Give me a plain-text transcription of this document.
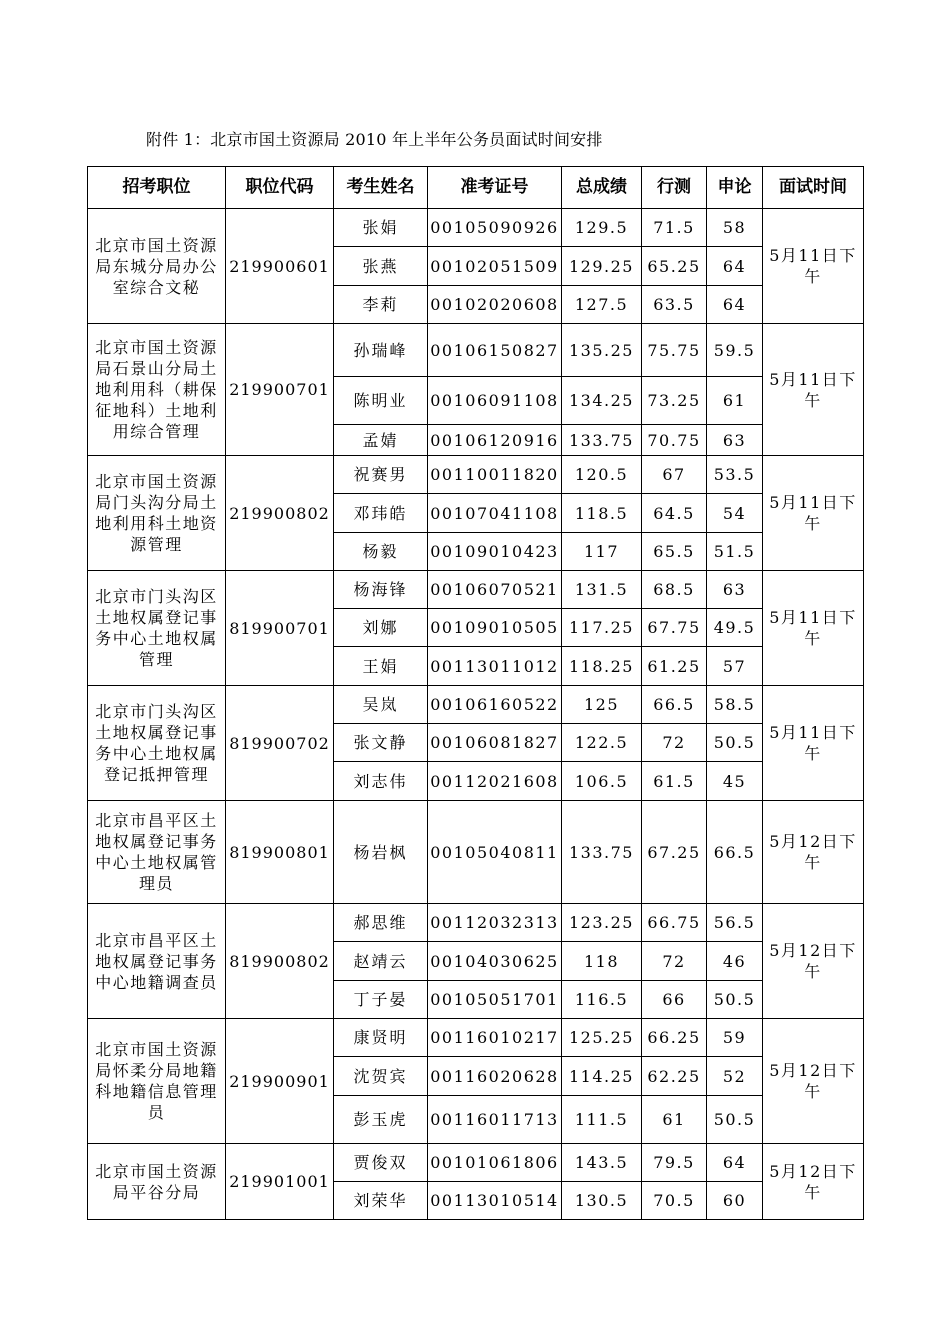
附件 1：北京市国土资源局 2010 年上半年公务员面试时间安排
招考职位	职位代码	考生姓名	准考证号	总成绩	行测	申论	面试时间
北京市国土资源局东城分局办公室综合文秘	219900601	张娟	00105090926	129.5	71.5	58	5月11日下午
		张燕	00102051509	129.25	65.25	64	
		李莉	00102020608	127.5	63.5	64	
北京市国土资源局石景山分局土地利用科（耕保征地科）土地利用综合管理	219900701	孙瑞峰	00106150827	135.25	75.75	59.5	5月11日下午
		陈明业	00106091108	134.25	73.25	61	
		孟婧	00106120916	133.75	70.75	63	
北京市国土资源局门头沟分局土地利用科土地资源管理	219900802	祝赛男	00110011820	120.5	67	53.5	5月11日下午
		邓玮皓	00107041108	118.5	64.5	54	
		杨毅	00109010423	117	65.5	51.5	
北京市门头沟区土地权属登记事务中心土地权属管理	819900701	杨海锋	00106070521	131.5	68.5	63	5月11日下午
		刘娜	00109010505	117.25	67.75	49.5	
		王娟	00113011012	118.25	61.25	57	
北京市门头沟区土地权属登记事务中心土地权属登记抵押管理	819900702	吴岚	00106160522	125	66.5	58.5	5月11日下午
		张文静	00106081827	122.5	72	50.5	
		刘志伟	00112021608	106.5	61.5	45	
北京市昌平区土地权属登记事务中心土地权属管理员	819900801	杨岩枫	00105040811	133.75	67.25	66.5	5月12日下午
北京市昌平区土地权属登记事务中心地籍调查员	819900802	郝思维	00112032313	123.25	66.75	56.5	5月12日下午
		赵靖云	00104030625	118	72	46	
		丁子晏	00105051701	116.5	66	50.5	
北京市国土资源局怀柔分局地籍科地籍信息管理员	219900901	康贤明	00116010217	125.25	66.25	59	5月12日下午
		沈贺宾	00116020628	114.25	62.25	52	
		彭玉虎	00116011713	111.5	61	50.5	
北京市国土资源局平谷分局	219901001	贾俊双	00101061806	143.5	79.5	64	5月12日下午
		刘荣华	00113010514	130.5	70.5	60	
